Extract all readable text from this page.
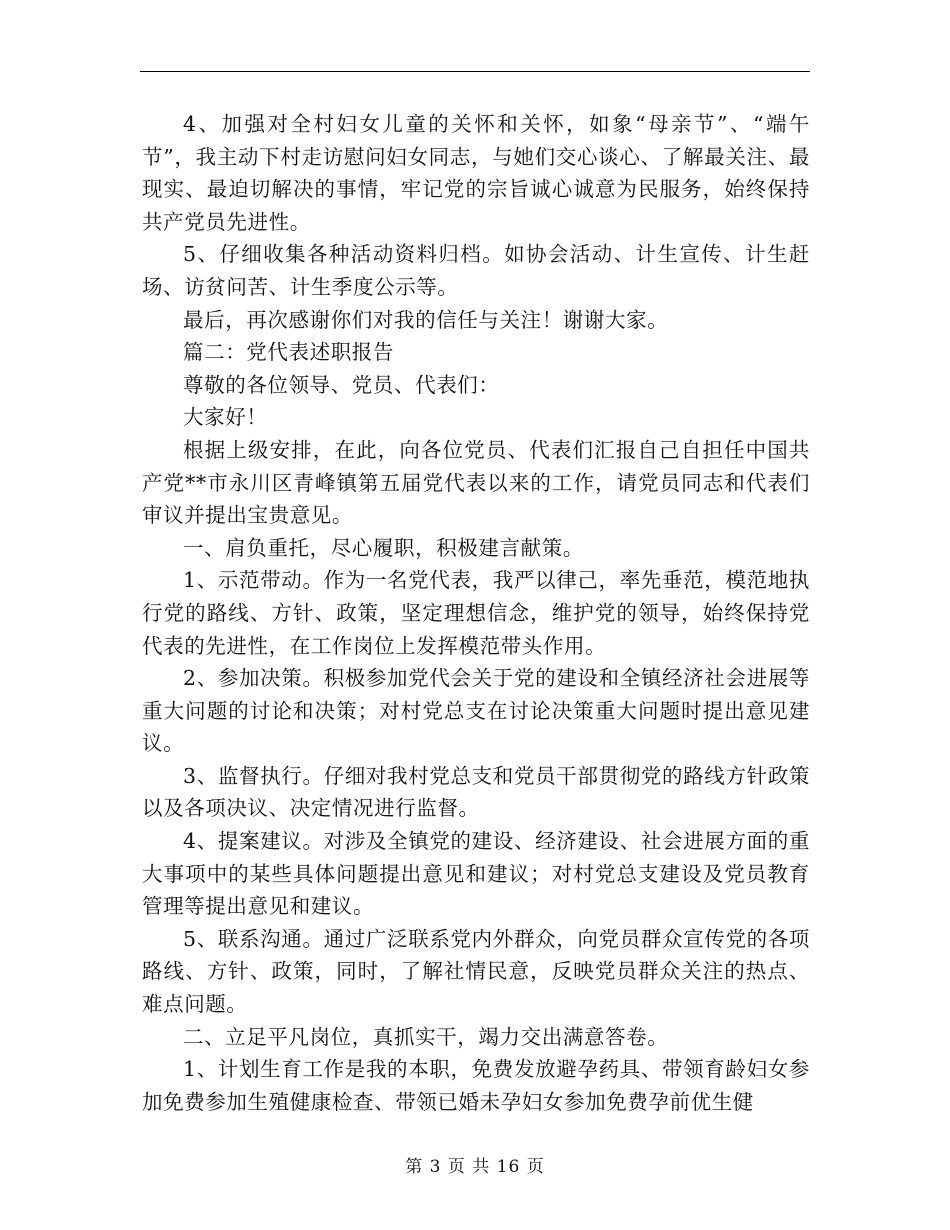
4、加强对全村妇女儿童的关怀和关怀，如象“母亲节”、“端午节”，我主动下村走访慰问妇女同志，与她们交心谈心、了解最关注、最现实、最迫切解决的事情，牢记党的宗旨诚心诚意为民服务，始终保持共产党员先进性。

5、仔细收集各种活动资料归档。如协会活动、计生宣传、计生赶场、访贫问苦、计生季度公示等。

最后，再次感谢你们对我的信任与关注！谢谢大家。

篇二：党代表述职报告

尊敬的各位领导、党员、代表们：

大家好！

根据上级安排，在此，向各位党员、代表们汇报自己自担任中国共产党**市永川区青峰镇第五届党代表以来的工作，请党员同志和代表们审议并提出宝贵意见。

一、肩负重托，尽心履职，积极建言献策。

1、示范带动。作为一名党代表，我严以律己，率先垂范，模范地执行党的路线、方针、政策，坚定理想信念，维护党的领导，始终保持党代表的先进性，在工作岗位上发挥模范带头作用。

2、参加决策。积极参加党代会关于党的建设和全镇经济社会进展等重大问题的讨论和决策；对村党总支在讨论决策重大问题时提出意见建议。

3、监督执行。仔细对我村党总支和党员干部贯彻党的路线方针政策以及各项决议、决定情况进行监督。

4、提案建议。对涉及全镇党的建设、经济建设、社会进展方面的重大事项中的某些具体问题提出意见和建议；对村党总支建设及党员教育管理等提出意见和建议。

5、联系沟通。通过广泛联系党内外群众，向党员群众宣传党的各项路线、方针、政策，同时，了解社情民意，反映党员群众关注的热点、难点问题。

二、立足平凡岗位，真抓实干，竭力交出满意答卷。

1、计划生育工作是我的本职，免费发放避孕药具、带领育龄妇女参加免费参加生殖健康检查、带领已婚未孕妇女参加免费孕前优生健

第 3 页 共 16 页
